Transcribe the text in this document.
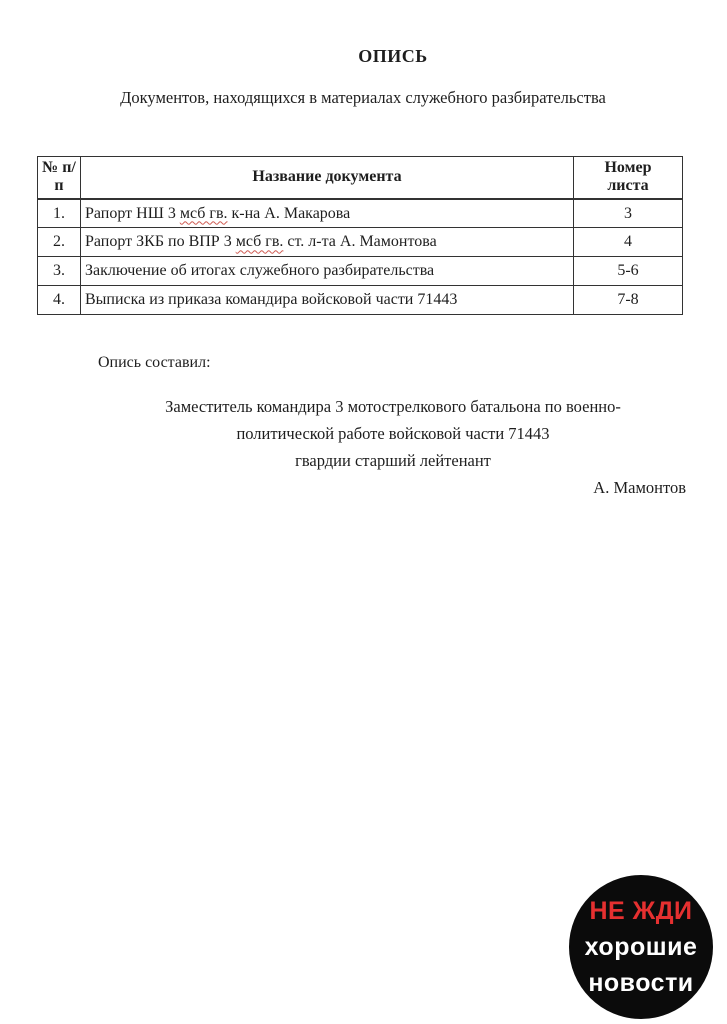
ОПИСЬ
Документов, находящихся в материалах служебного разбирательства
№ п/п	Название документа	Номер листа
1.	Рапорт НШ 3 мсб гв. к-на А. Макарова	3
2.	Рапорт ЗКБ по ВПР 3 мсб гв. ст. л-та А. Мамонтова	4
3.	Заключение об итогах служебного разбирательства	5-6
4.	Выписка из приказа командира войсковой части 71443	7-8
Опись составил:
Заместитель командира 3 мотострелкового батальона по военно-
политической работе войсковой части 71443
гвардии старший лейтенант
А. Мамонтов
НЕ ЖДИ
хорошие
новости
